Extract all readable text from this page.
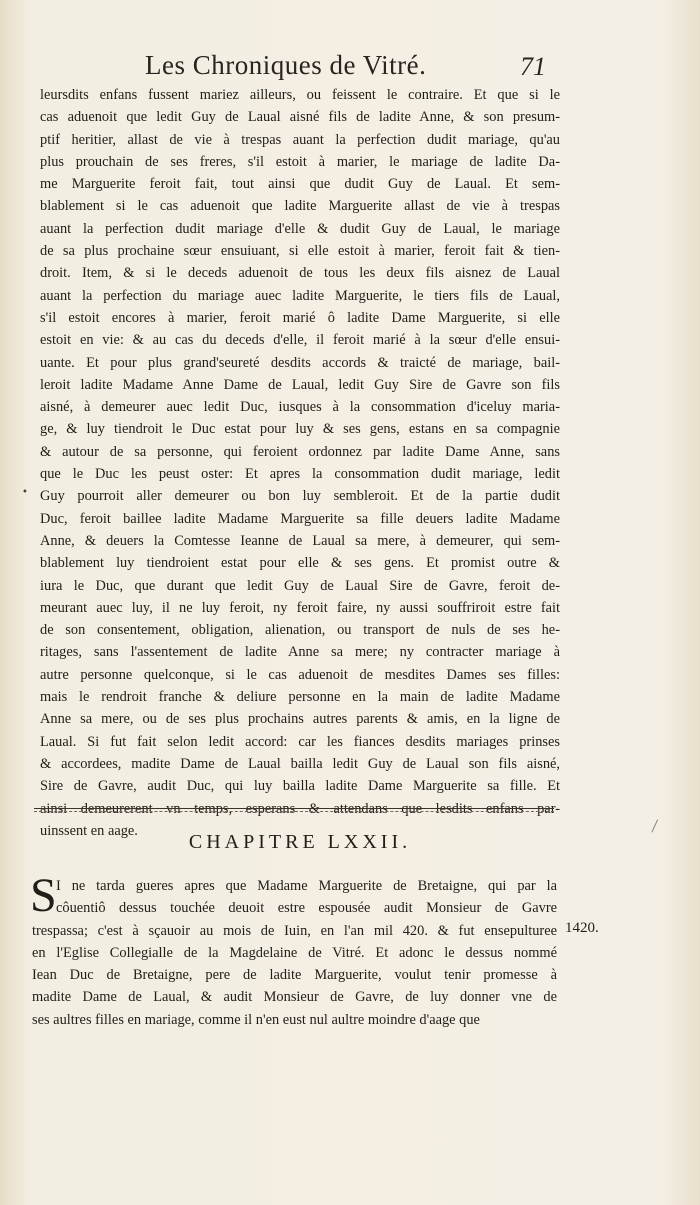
Les Chroniques de Vitré.	71
leursdits enfans fussent mariez ailleurs, ou feissent le contraire. Et que si le
cas aduenoit que ledit Guy de Laual aisné fils de ladite Anne, & son presum-
ptif heritier, allast de vie à trespas auant la perfection dudit mariage, qu'au
plus prouchain de ses freres, s'il estoit à marier, le mariage de ladite Da-
me Marguerite feroit fait, tout ainsi que dudit Guy de Laual. Et sem-
blablement si le cas aduenoit que ladite Marguerite allast de vie à trespas
auant la perfection dudit mariage d'elle & dudit Guy de Laual, le mariage
de sa plus prochaine sœur ensuiuant, si elle estoit à marier, feroit fait & tien-
droit. Item, & si le deceds aduenoit de tous les deux fils aisnez de Laual
auant la perfection du mariage auec ladite Marguerite, le tiers fils de Laual,
s'il estoit encores à marier, feroit marié ô ladite Dame Marguerite, si elle
estoit en vie: & au cas du deceds d'elle, il feroit marié à la sœur d'elle ensui-
uante. Et pour plus grand'seureté desdits accords & traicté de mariage, bail-
leroit ladite Madame Anne Dame de Laual, ledit Guy Sire de Gavre son fils
aisné, à demeurer auec ledit Duc, iusques à la consommation d'iceluy maria-
ge, & luy tiendroit le Duc estat pour luy & ses gens, estans en sa compagnie
& autour de sa personne, qui feroient ordonnez par ladite Dame Anne, sans
que le Duc les peust oster: Et apres la consommation dudit mariage, ledit
Guy pourroit aller demeurer ou bon luy sembleroit. Et de la partie dudit
Duc, feroit baillee ladite Madame Marguerite sa fille deuers ladite Madame
Anne, & deuers la Comtesse Ieanne de Laual sa mere, à demeurer, qui sem-
blablement luy tiendroient estat pour elle & ses gens. Et promist outre &
iura le Duc, que durant que ledit Guy de Laual Sire de Gavre, feroit de-
meurant auec luy, il ne luy feroit, ny feroit faire, ny aussi souffriroit estre fait
de son consentement, obligation, alienation, ou transport de nuls de ses he-
ritages, sans l'assentement de ladite Anne sa mere; ny contracter mariage à
autre personne quelconque, si le cas aduenoit de mesdites Dames ses filles:
mais le rendroit franche & deliure personne en la main de ladite Madame
Anne sa mere, ou de ses plus prochains autres parents & amis, en la ligne de
Laual. Si fut fait selon ledit accord: car les fiances desdits mariages prinses
& accordees, madite Dame de Laual bailla ledit Guy de Laual son fils aisné,
Sire de Gavre, audit Duc, qui luy bailla ladite Dame Marguerite sa fille. Et
ainsi demeurerent vn temps, esperans & attendans que lesdits enfans par-
uinssent en aage.
•
CHAPITRE LXXII.
S I ne tarda gueres apres que Madame Marguerite de Bretaigne, qui par la
côuentiô dessus touchée deuoit estre espousée audit Monsieur de Gavre
trespassa; c'est à sçauoir au mois de Iuin, en l'an mil 420. & fut ensepulturee
en l'Eglise Collegialle de la Magdelaine de Vitré. Et adonc le dessus nommé
Iean Duc de Bretaigne, pere de ladite Marguerite, voulut tenir promesse à
madite Dame de Laual, & audit Monsieur de Gavre, de luy donner vne de
ses aultres filles en mariage, comme il n'en eust nul aultre moindre d'aage que
1420.
